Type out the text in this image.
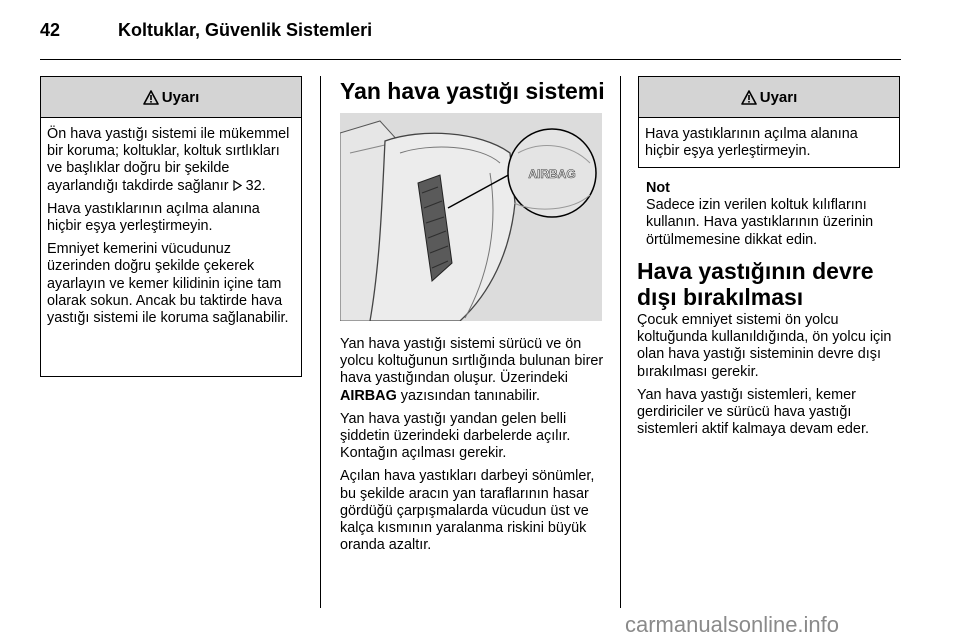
42	Koltuklar, Güvenlik Sistemleri
Uyarı

Ön hava yastığı sistemi ile mükemmel bir koruma; koltuklar, koltuk sırtlıkları ve başlıklar doğru bir şekilde ayarlandığı takdirde sağlanır 32.

Hava yastıklarının açılma alanına hiçbir eşya yerleştirmeyin.

Emniyet kemerini vücudunuz üzerinden doğru şekilde çekerek ayarlayın ve kemer kilidinin içine tam olarak sokun. Ancak bu taktirde hava yastığı sistemi ile koruma sağlanabilir.

Yan hava yastığı sistemi
AIRBAG

Yan hava yastığı sistemi sürücü ve ön yolcu koltuğunun sırtlığında bulunan birer hava yastığından oluşur. Üzerindeki AIRBAG yazısından tanınabilir.

Yan hava yastığı yandan gelen belli şiddetin üzerindeki darbelerde açılır. Kontağın açılması gerekir.

Açılan hava yastıkları darbeyi sönümler, bu şekilde aracın yan taraflarının hasar gördüğü çarpışmalarda vücudun üst ve kalça kısmının yaralanma riskini büyük oranda azaltır.

Uyarı

Hava yastıklarının açılma alanına hiçbir eşya yerleştirmeyin.

Not
Sadece izin verilen koltuk kılıflarını kullanın. Hava yastıklarının üzerinin örtülmemesine dikkat edin.
Hava yastığının devre dışı bırakılması

Çocuk emniyet sistemi ön yolcu koltuğunda kullanıldığında, ön yolcu için olan hava yastığı sisteminin devre dışı bırakılması gerekir.

Yan hava yastığı sistemleri, kemer gerdiriciler ve sürücü hava yastığı sistemleri aktif kalmaya devam eder.

carmanualsonline.info
